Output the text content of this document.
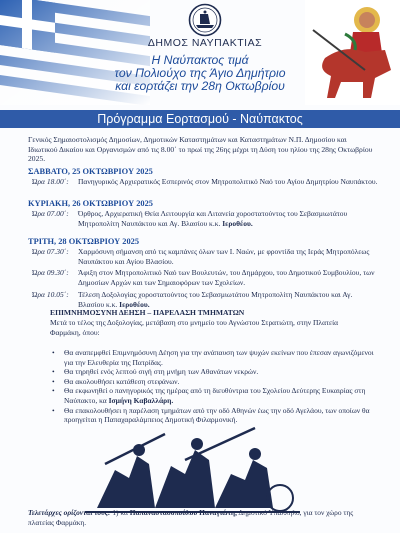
ΔΗΜΟΣ ΝΑΥΠΑΚΤΙΑΣ
Η Ναύπακτος τιμά
τον Πολιούχο της Άγιο Δημήτριο
και εορτάζει την 28η Οκτωβρίου
Πρόγραμμα Εορτασμού - Ναύπακτος
Γενικός Σημαιοστολισμός Δημοσίων, Δημοτικών Καταστημάτων και Καταστημάτων Ν.Π. Δημοσίου και Ιδιωτικού Δικαίου και Οργανισμών από τις 8.00΄ το πρωί της 26ης μέχρι τη Δύση του ηλίου της 28ης Οκτωβρίου 2025.
ΣΑΒΒΑΤΟ, 25 ΟΚΤΩΒΡΙΟΥ 2025
Ώρα 18.00΄:	Πανηγυρικός Αρχιερατικός Εσπερινός στον Μητροπολιτικό Ναό του Αγίου Δημητρίου Ναυπάκτου.
ΚΥΡΙΑΚΗ, 26 ΟΚΤΩΒΡΙΟΥ 2025
Ώρα 07.00΄:	Όρθρος, Αρχιερατική Θεία Λειτουργία και Λιτανεία χοροστατούντος του Σεβασμιωτάτου Μητροπολίτη Ναυπάκτου και Αγ. Βλασίου κ.κ. Ιεροθέου.
ΤΡΙΤΗ, 28 ΟΚΤΩΒΡΙΟΥ 2025
Ώρα 07.30΄:	Χαρμόσυνη σήμανση από τις καμπάνες όλων των Ι. Ναών, με φροντίδα της Ιεράς Μητροπόλεως Ναυπάκτου και Αγίου Βλασίου.
Ώρα 09.30΄:	Άφιξη στον Μητροπολιτικό Ναό των Βουλευτών, του Δημάρχου, του Δημοτικού Συμβουλίου, των Δημοσίων Αρχών και των Σημαιοφόρων των Σχολείων.
Ώρα 10.05΄:	Τέλεση Δοξολογίας χοροστατούντος του Σεβασμιωτάτου Μητροπολίτη Ναυπάκτου και Αγ. Βλασίου κ.κ. Ιεροθέου.
ΕΠΙΜΝΗΜΟΣΥΝΗ ΔΕΗΣΗ – ΠΑΡΕΛΑΣΗ ΤΜΗΜΑΤΩΝ
Μετά το τέλος της Δοξολογίας, μετάβαση στο μνημείο του Αγνώστου Στρατιώτη, στην Πλατεία Φαρμάκη, όπου:
• Θα αναπεμφθεί Επιμνημόσυνη Δέηση για την ανάπαυση των ψυχών εκείνων που έπεσαν αγωνιζόμενοι για την Ελευθερία της Πατρίδας.
• Θα τηρηθεί ενός λεπτού σιγή στη μνήμη των Αθανάτων νεκρών.
• Θα ακολουθήσει κατάθεση στεφάνων.
• Θα εκφωνηθεί ο πανηγυρικός της ημέρας από τη διευθύντρια του Σχολείου Δεύτερης Ευκαιρίας στη Ναύπακτο, κα Ισμήνη Καβαλλάρη.
• Θα επακολουθήσει η παρέλαση τμημάτων από την οδό Αθηνών έως την οδό Αγελάου, των οποίων θα προηγείται η Παπαχαραλάμπειος Δημοτική Φιλαρμονική.
Τελετάρχες ορίζονται τους: 1) κα Παπαναστασοπούλου Παναγιώτη, Δημοτικό Υπάλληλο, για τον χώρο της πλατείας Φαρμάκη.
